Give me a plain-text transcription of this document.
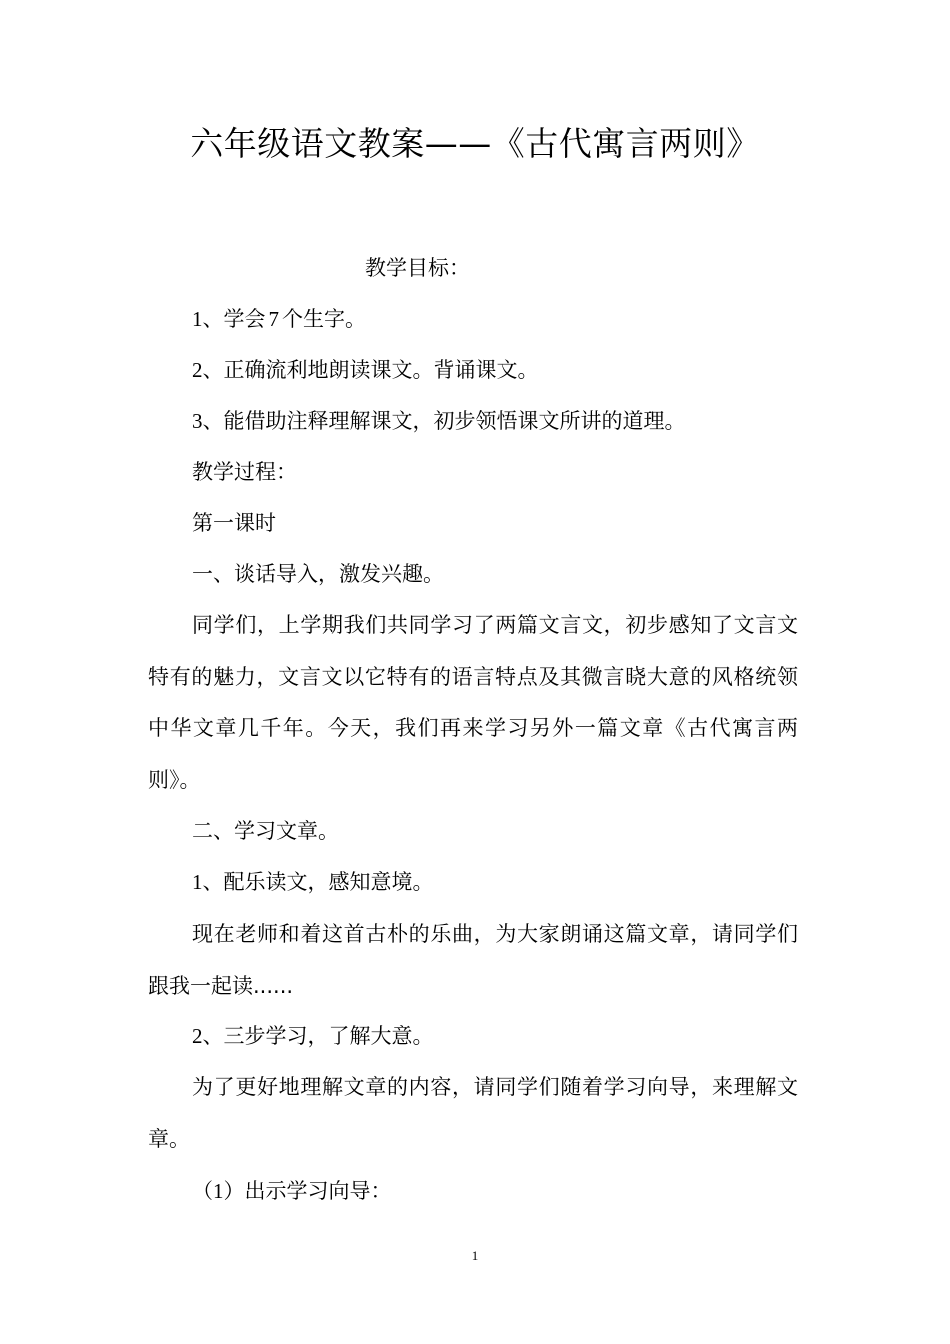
六年级语文教案——《古代寓言两则》
教学目标：
1、学会 7 个生字。
2、正确流利地朗读课文。背诵课文。
3、能借助注释理解课文，初步领悟课文所讲的道理。
教学过程：
第一课时
一、谈话导入，激发兴趣。
同学们，上学期我们共同学习了两篇文言文，初步感知了文言文特有的魅力，文言文以它特有的语言特点及其微言晓大意的风格统领中华文章几千年。今天，我们再来学习另外一篇文章《古代寓言两则》。
二、学习文章。
1、配乐读文，感知意境。
现在老师和着这首古朴的乐曲，为大家朗诵这篇文章，请同学们跟我一起读......
2、三步学习，了解大意。
为了更好地理解文章的内容，请同学们随着学习向导，来理解文章。
（1）出示学习向导：
1
